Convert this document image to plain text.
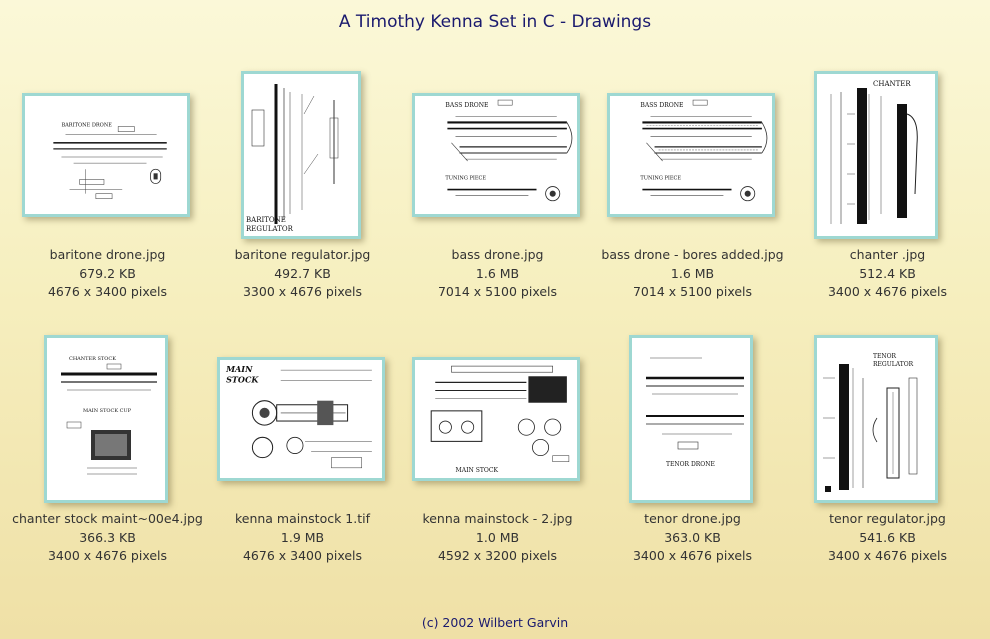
A Timothy Kenna Set in C - Drawings
BARITONE DRONE
baritone drone.jpg
679.2 KB
4676 x 3400 pixels
BARITONE
REGULATOR
baritone regulator.jpg
492.7 KB
3300 x 4676 pixels
BASS DRONE
TUNING PIECE
bass drone.jpg
1.6 MB
7014 x 5100 pixels
BASS DRONE
TUNING PIECE
bass drone - bores added.jpg
1.6 MB
7014 x 5100 pixels
CHANTER
chanter .jpg
512.4 KB
3400 x 4676 pixels
CHANTER STOCK
MAIN STOCK CUP
chanter stock maint~00e4.jpg
366.3 KB
3400 x 4676 pixels
MAIN
STOCK
kenna mainstock 1.tif
1.9 MB
4676 x 3400 pixels
MAIN STOCK
kenna mainstock - 2.jpg
1.0 MB
4592 x 3200 pixels
TENOR DRONE
tenor drone.jpg
363.0 KB
3400 x 4676 pixels
TENOR
REGULATOR
tenor regulator.jpg
541.6 KB
3400 x 4676 pixels
(c) 2002 Wilbert Garvin
